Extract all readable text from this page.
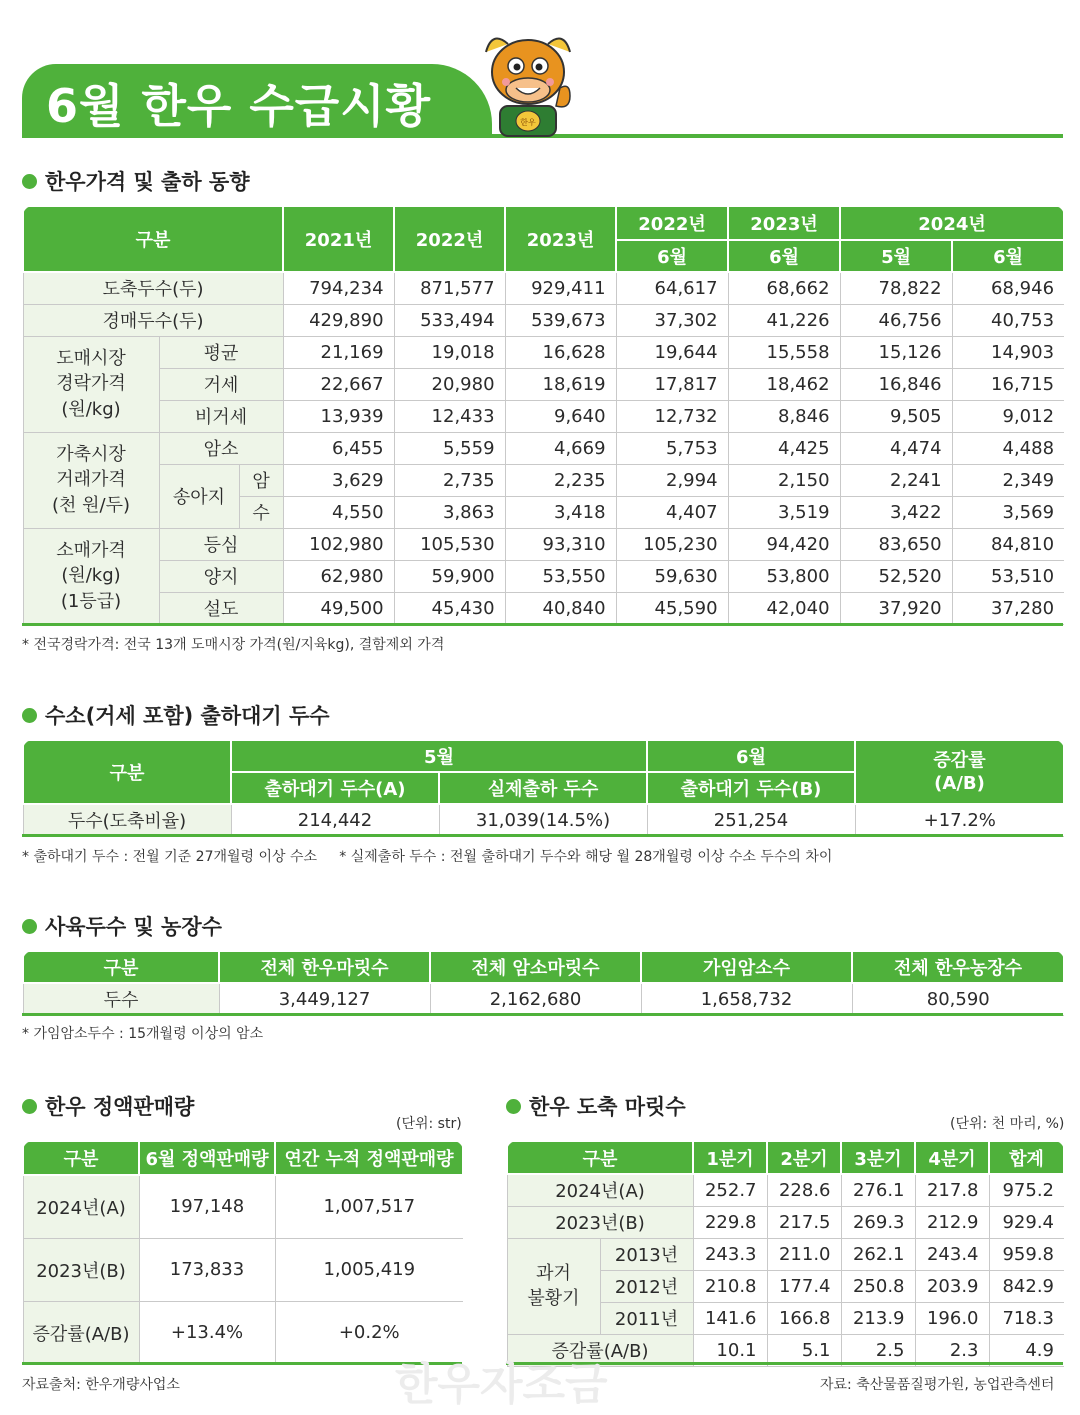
6월 한우 수급시황	한우
한우가격 및 출하 동향
구분			2021년	2022년	2023년	2022년	2023년	2024년	
						6월	6월	5월	6월
도축두수(두)			794,234	871,577	929,411	64,617	68,662	78,822	68,946
경매두수(두)			429,890	533,494	539,673	37,302	41,226	46,756	40,753
도매시장
경락가격
(원/kg)	평균		21,169	19,018	16,628	19,644	15,558	15,126	14,903
	거세		22,667	20,980	18,619	17,817	18,462	16,846	16,715
	비거세		13,939	12,433	9,640	12,732	8,846	9,505	9,012
가축시장
거래가격
(천 원/두)	암소		6,455	5,559	4,669	5,753	4,425	4,474	4,488
	송아지	암	3,629	2,735	2,235	2,994	2,150	2,241	2,349
		수	4,550	3,863	3,418	4,407	3,519	3,422	3,569
소매가격
(원/kg)
(1등급)	등심		102,980	105,530	93,310	105,230	94,420	83,650	84,810
	양지		62,980	59,900	53,550	59,630	53,800	52,520	53,510
	설도		49,500	45,430	40,840	45,590	42,040	37,920	37,280
* 전국경락가격: 전국 13개 도매시장 가격(원/지육kg), 결함제외 가격
수소(거세 포함) 출하대기 두수
구분	5월		6월	증감률
(A/B)
	출하대기 두수(A)	실제출하 두수	출하대기 두수(B)	
두수(도축비율)	214,442	31,039(14.5%)	251,254	+17.2%
* 출하대기 두수 : 전월 기준 27개월령 이상 수소     * 실제출하 두수 : 전월 출하대기 두수와 해당 월 28개월령 이상 수소 두수의 차이
사육두수 및 농장수
구분	전체 한우마릿수	전체 암소마릿수	가임암소수	전체 한우농장수
두수	3,449,127	2,162,680	1,658,732	80,590
* 가임암소두수 : 15개월령 이상의 암소
한우 정액판매량
(단위: str)
구분	6월 정액판매량	연간 누적 정액판매량
2024년(A)	197,148	1,007,517
2023년(B)	173,833	1,005,419
증감률(A/B)	+13.4%	+0.2%
자료출처: 한우개량사업소
한우 도축 마릿수
(단위: 천 마리, %)
구분		1분기	2분기	3분기	4분기	합계
2024년(A)		252.7	228.6	276.1	217.8	975.2
2023년(B)		229.8	217.5	269.3	212.9	929.4
과거
불황기	2013년	243.3	211.0	262.1	243.4	959.8
	2012년	210.8	177.4	250.8	203.9	842.9
	2011년	141.6	166.8	213.9	196.0	718.3
증감률(A/B)		10.1	5.1	2.5	2.3	4.9
자료: 축산물품질평가원, 농업관측센터
한우자조금
